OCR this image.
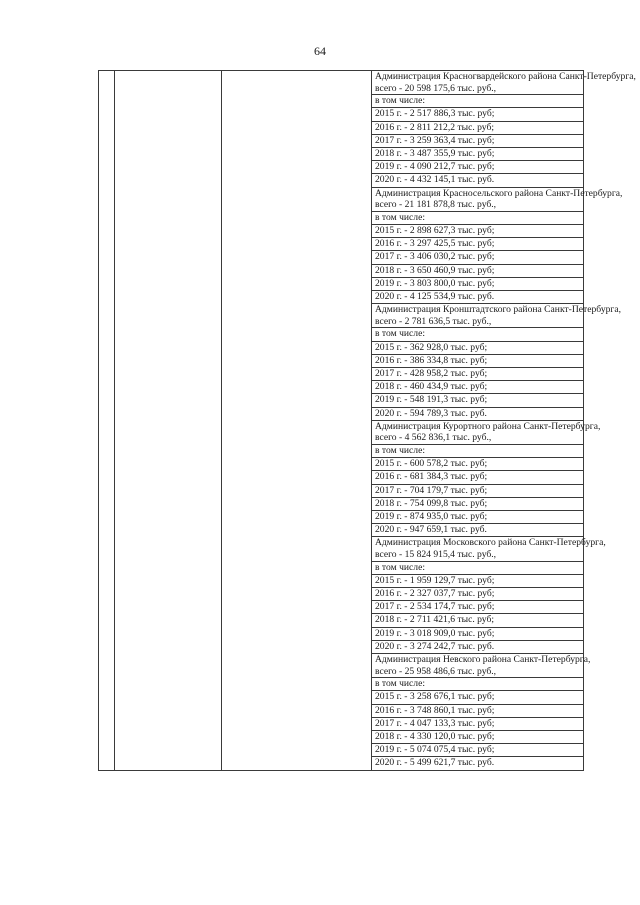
64

Администрация Красногвардейского района Санкт-Петербурга,
всего - 20 598 175,6 тыс. руб.,

в том числе:
2015 г. - 2 517 886,3 тыс. руб;
2016 г. - 2 811 212,2 тыс. руб;
2017 г. - 3 259 363,4 тыс. руб;
2018 г. - 3 487 355,9 тыс. руб;
2019 г. - 4 090 212,7 тыс. руб;
2020 г. - 4 432 145,1 тыс. руб.

Администрация Красносельского района Санкт-Петербурга,
всего - 21 181 878,8 тыс. руб.,

в том числе:
2015 г. - 2 898 627,3 тыс. руб;
2016 г. - 3 297 425,5 тыс. руб;
2017 г. - 3 406 030,2 тыс. руб;
2018 г. - 3 650 460,9 тыс. руб;
2019 г. - 3 803 800,0 тыс. руб;
2020 г. - 4 125 534,9 тыс. руб.

Администрация Кронштадтского района Санкт-Петербурга,
всего - 2 781 636,5 тыс. руб.,

в том числе:
2015 г. - 362 928,0 тыс. руб;
2016 г. - 386 334,8 тыс. руб;
2017 г. - 428 958,2 тыс. руб;
2018 г. - 460 434,9 тыс. руб;
2019 г. - 548 191,3 тыс. руб;
2020 г. - 594 789,3 тыс. руб.

Администрация Курортного района Санкт-Петербурга,
всего - 4 562 836,1 тыс. руб.,

в том числе:
2015 г. - 600 578,2 тыс. руб;
2016 г. - 681 384,3 тыс. руб;
2017 г. - 704 179,7 тыс. руб;
2018 г. - 754 099,8 тыс. руб;
2019 г. - 874 935,0 тыс. руб;
2020 г. - 947 659,1 тыс. руб.

Администрация Московского района Санкт-Петербурга,
всего - 15 824 915,4 тыс. руб.,

в том числе:
2015 г. - 1 959 129,7 тыс. руб;
2016 г. - 2 327 037,7 тыс. руб;
2017 г. - 2 534 174,7 тыс. руб;
2018 г. - 2 711 421,6 тыс. руб;
2019 г. - 3 018 909,0 тыс. руб;
2020 г. - 3 274 242,7 тыс. руб.

Администрация Невского района Санкт-Петербурга,
всего - 25 958 486,6 тыс. руб.,

в том числе:
2015 г. - 3 258 676,1 тыс. руб;
2016 г. - 3 748 860,1 тыс. руб;
2017 г. - 4 047 133,3 тыс. руб;
2018 г. - 4 330 120,0 тыс. руб;
2019 г. - 5 074 075,4 тыс. руб;
2020 г. - 5 499 621,7 тыс. руб.
